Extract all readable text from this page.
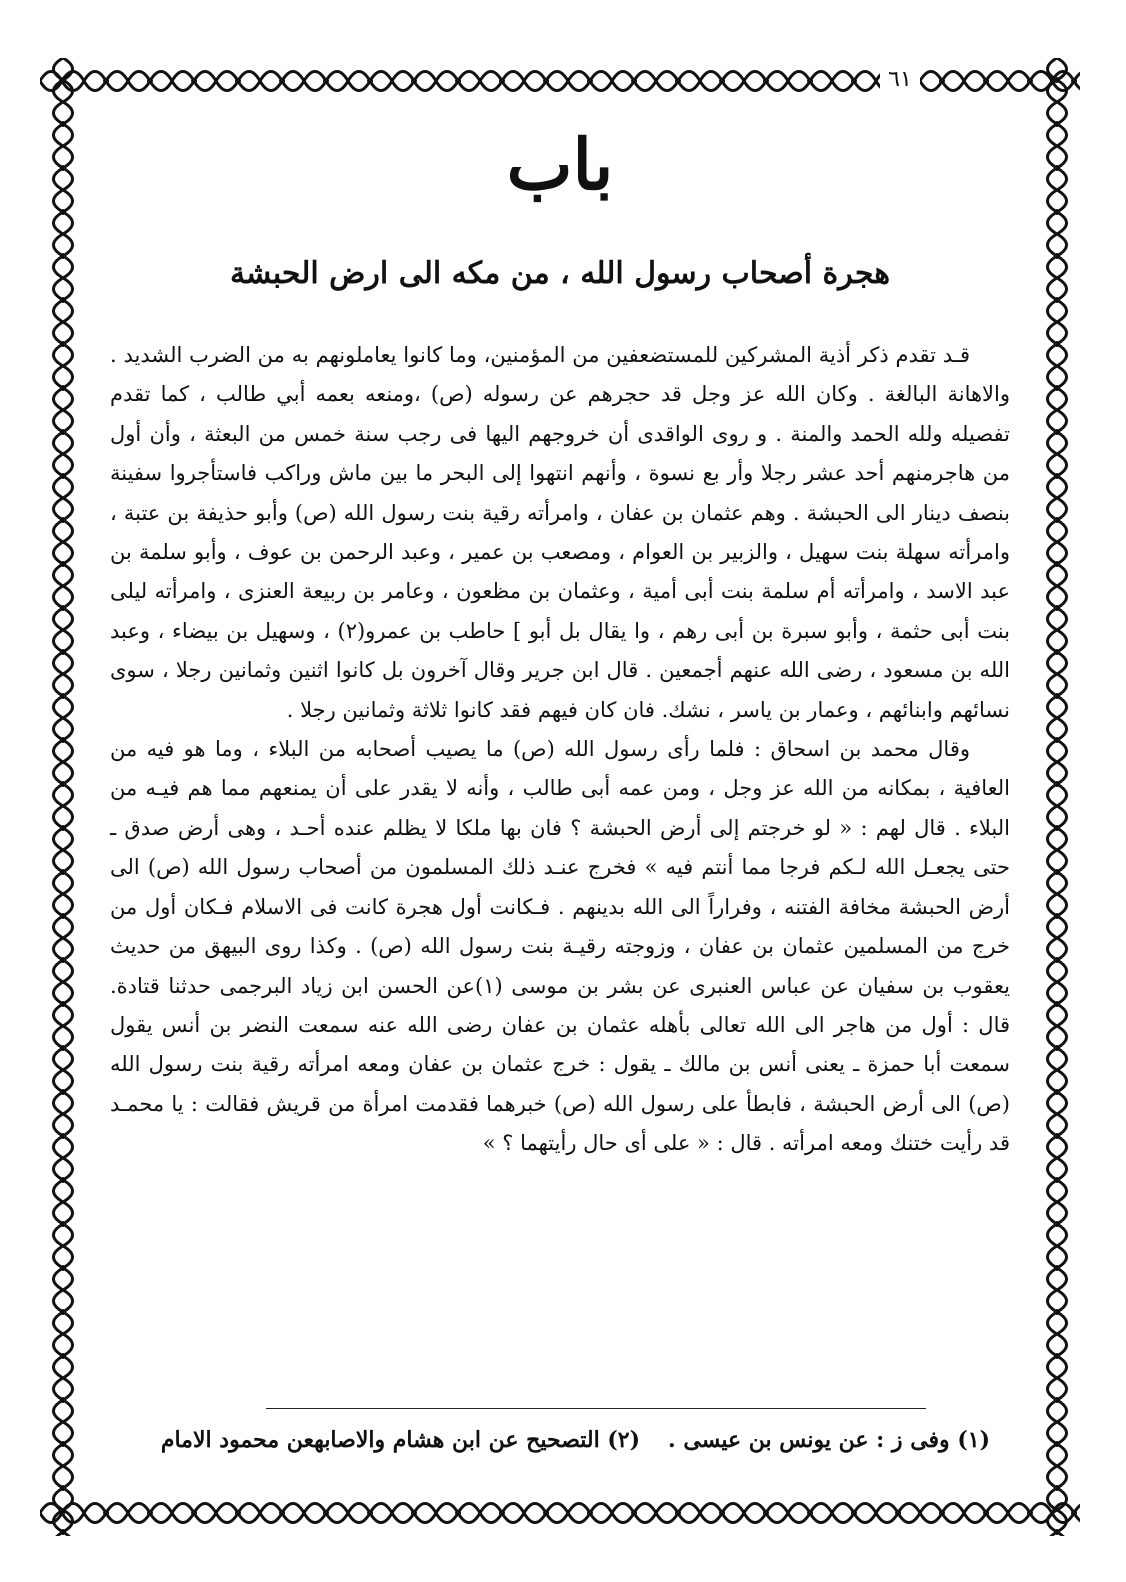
٦١
باب
هجرة أصحاب رسول الله ، من مكه الى ارض الحبشة

قـد تقدم ذكر أذية المشركين للمستضعفين من المؤمنين، وما كانوا يعاملونهم به من الضرب الشديد . والاهانة البالغة . وكان الله عز وجل قد حجرهم عن رسوله (ص) ،ومنعه بعمه أبي طالب ، كما تقدم تفصيله ولله الحمد والمنة . و روى الواقدى أن خروجهم اليها فى رجب سنة خمس من البعثة ، وأن أول من هاجرمنهم أحد عشر رجلا وأر بع نسوة ، وأنهم انتهوا إلى البحر ما بين ماش وراكب فاستأجروا سفينة بنصف دينار الى الحبشة . وهم عثمان بن عفان ، وامرأته رقية بنت رسول الله (ص) وأبو حذيفة بن عتبة ، وامرأته سهلة بنت سهيل ، والزبير بن العوام ، ومصعب بن عمير ، وعبد الرحمن بن عوف ، وأبو سلمة بن عبد الاسد ، وامرأته أم سلمة بنت أبى أمية ، وعثمان بن مظعون ، وعامر بن ربيعة العنزى ، وامرأته ليلى بنت أبى حثمة ، وأبو سبرة بن أبى رهم ، وا يقال بل أبو ] حاطب بن عمرو(٢) ، وسهيل بن بيضاء ، وعبد الله بن مسعود ، رضى الله عنهم أجمعين . قال ابن جرير وقال آخرون بل كانوا اثنين وثمانين رجلا ، سوى نسائهم وابنائهم ، وعمار بن ياسر ، نشك. فان كان فيهم فقد كانوا ثلاثة وثمانين رجلا .

وقال محمد بن اسحاق : فلما رأى رسول الله (ص) ما يصيب أصحابه من البلاء ، وما هو فيه من العافية ، بمكانه من الله عز وجل ، ومن عمه أبى طالب ، وأنه لا يقدر على أن يمنعهم مما هم فيـه من البلاء . قال لهم : « لو خرجتم إلى أرض الحبشة ؟ فان بها ملكا لا يظلم عنده أحـد ، وهى أرض صدق ـ حتى يجعـل الله لـكم فرجا مما أنتم فيه » فخرج عنـد ذلك المسلمون من أصحاب رسول الله (ص) الى أرض الحبشة مخافة الفتنه ، وفراراً الى الله بدينهم . فـكانت أول هجرة كانت فى الاسلام فـكان أول من خرج من المسلمين عثمان بن عفان ، وزوجته رقيـة بنت رسول الله (ص) . وكذا روى البيهق من حديث يعقوب بن سفيان عن عباس العنبرى عن بشر بن موسى (١)عن الحسن ابن زياد البرجمى حدثنا قتادة. قال : أول من هاجر الى الله تعالى بأهله عثمان بن عفان رضى الله عنه سمعت النضر بن أنس يقول سمعت أبا حمزة ـ يعنى أنس بن مالك ـ يقول : خرج عثمان بن عفان ومعه امرأته رقية بنت رسول الله (ص) الى أرض الحبشة ، فابطأ على رسول الله (ص) خبرهما فقدمت امرأة من قريش فقالت : يا محمـد قد رأيت ختنك ومعه امرأته . قال : « على أى حال رأيتهما ؟ »

(١) وفى ز : عن يونس بن عيسى .(٢) التصحيح عن ابن هشام والاصابهعن محمود الامام
